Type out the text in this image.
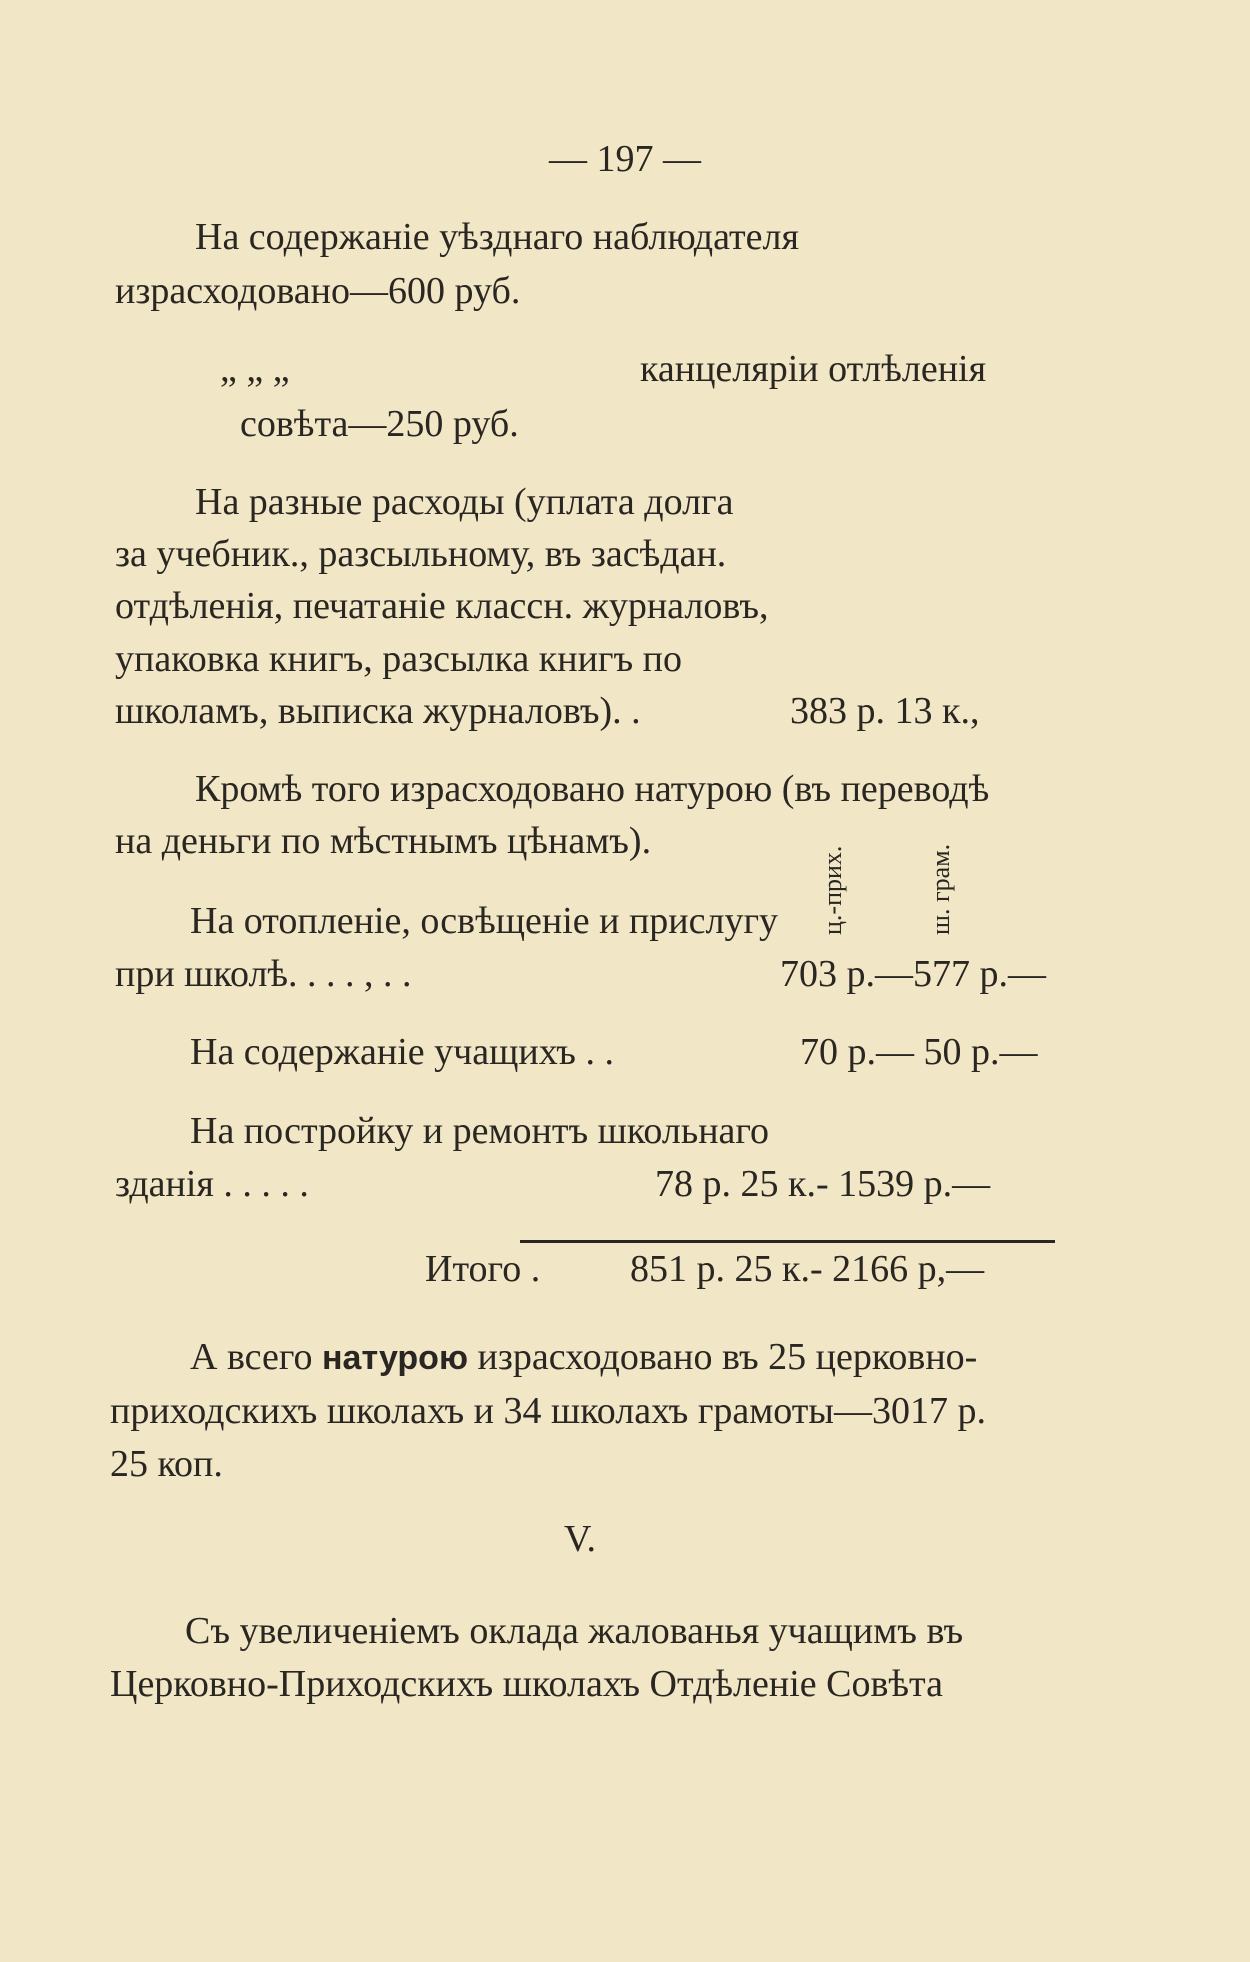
— 197 —
На содержаніе уѣзднаго наблюдателя
израсходовано—600 руб.
„ „ „	канцеляріи отлѣленія
совѣта—250 руб.
На разные расходы (уплата долга
за учебник., разсыльному, въ засѣдан.
отдѣленія, печатаніе классн. журналовъ,
упаковка книгъ, разсылка книгъ по
школамъ, выписка журналовъ). .	383 р. 13 к.,
Кромѣ того израсходовано натурою (въ переводѣ
на деньги по мѣстнымъ цѣнамъ).
ц.-прих.	ш. грам.
На отопленіе, освѣщеніе и прислугу
при школѣ. . . . , . .	703 р.—577 р.—
На содержаніе учащихъ . .	70 р.— 50 р.—
На постройку и ремонтъ школьнаго
зданія . . . . .	78 р. 25 к.- 1539 р.—
Итого . 851 р. 25 к.- 2166 р,—
А всего натурою израсходовано въ 25 церковно-
приходскихъ школахъ и 34 школахъ грамоты—3017 р.
25 коп.
V.
Съ увеличеніемъ оклада жалованья учащимъ въ
Церковно-Приходскихъ школахъ Отдѣленіе Совѣта
